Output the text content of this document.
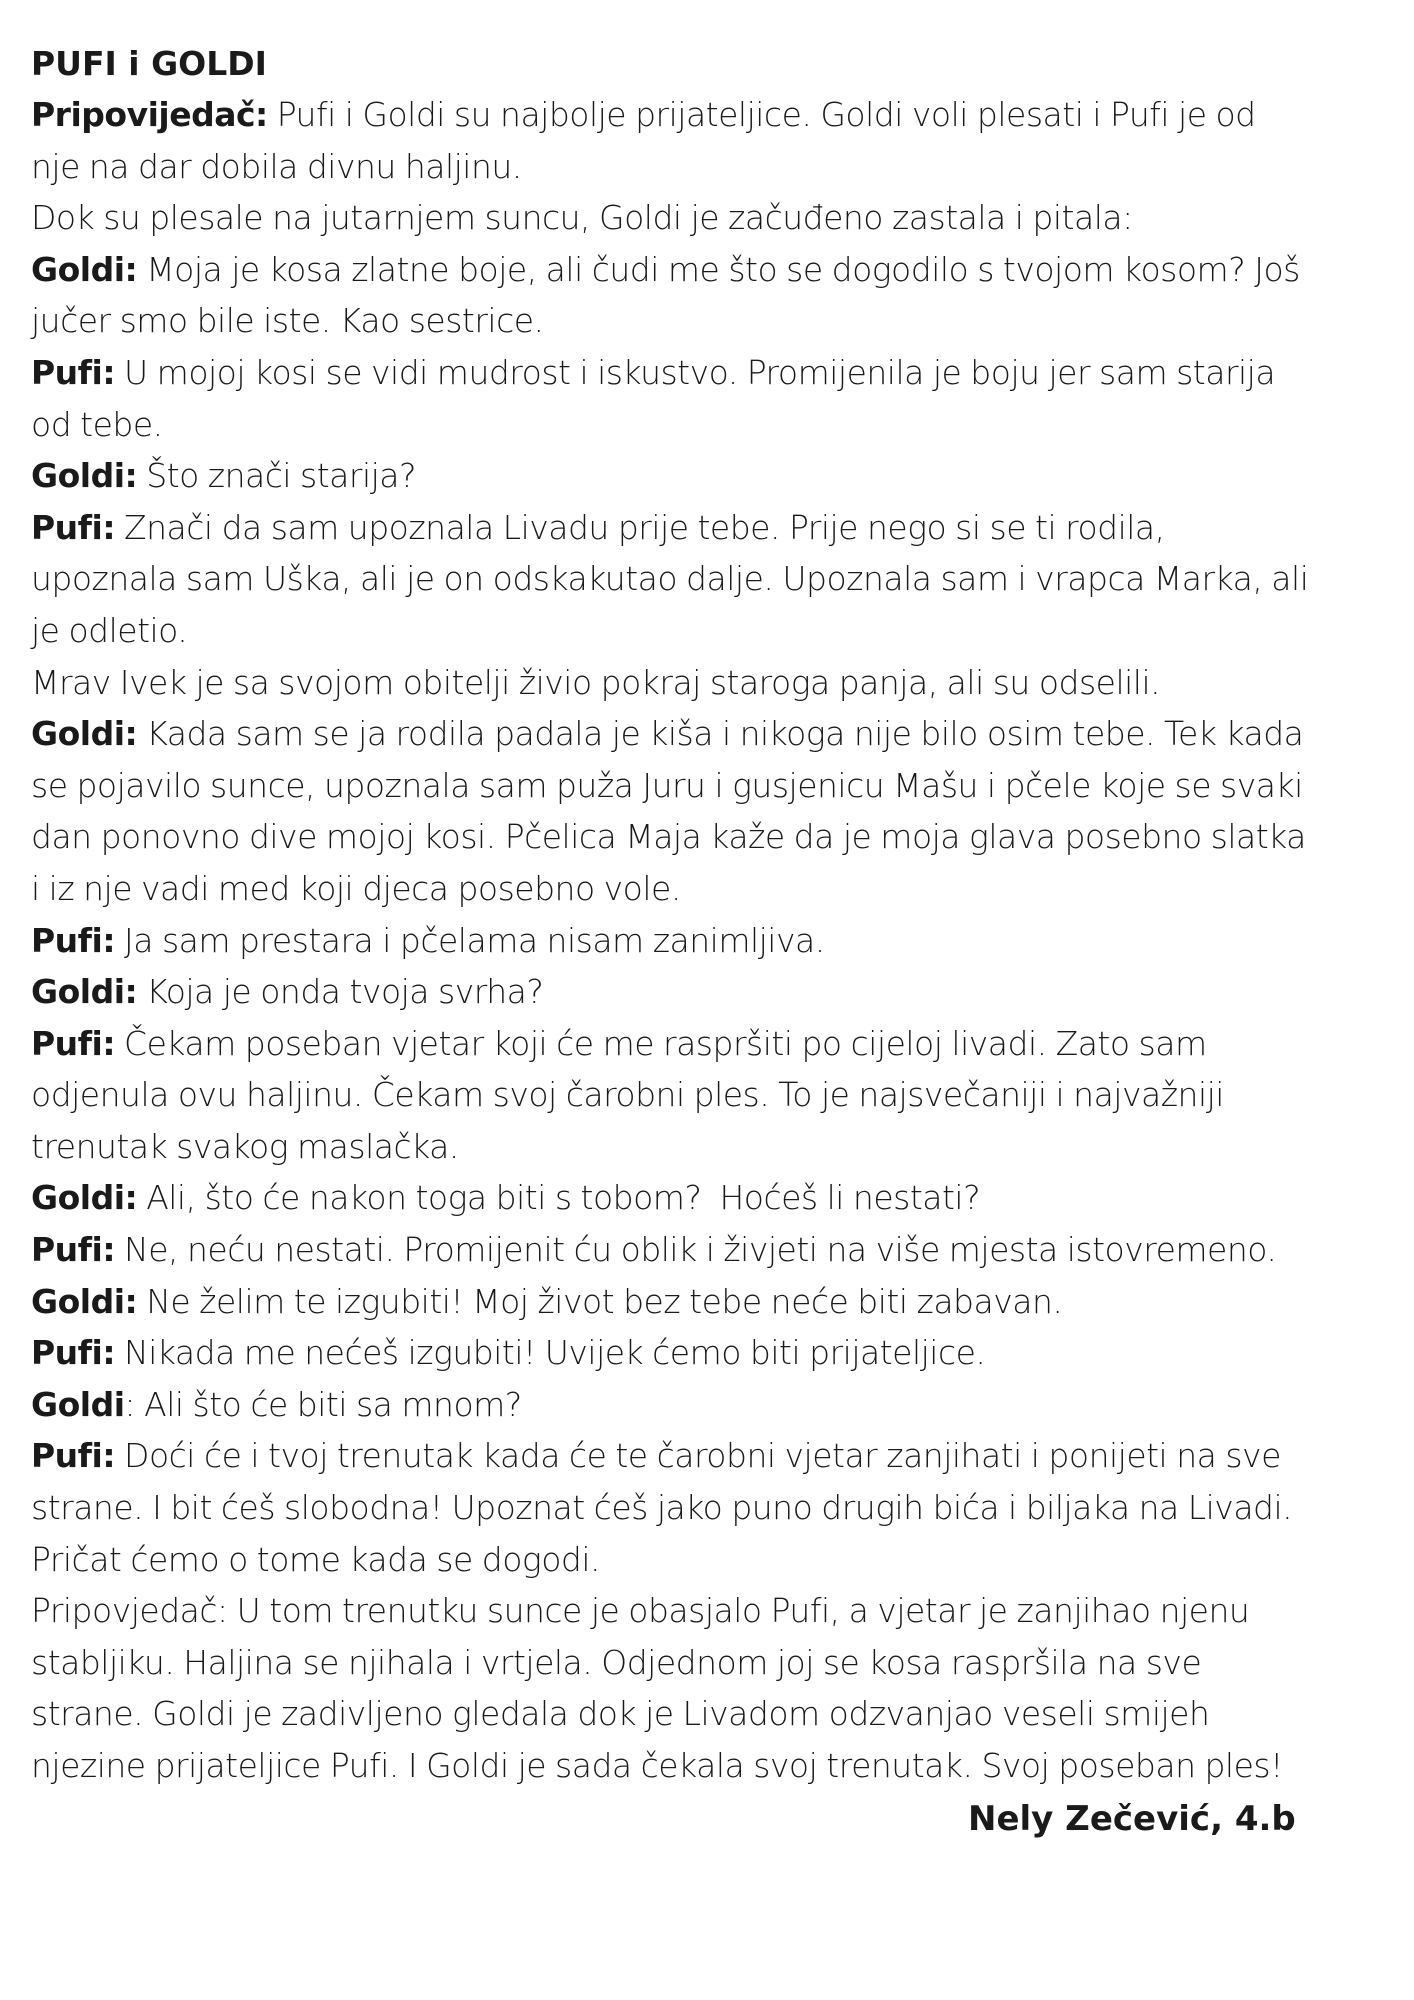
PUFI i GOLDI
Pripovijedač: Pufi i Goldi su najbolje prijateljice. Goldi voli plesati i Pufi je od
nje na dar dobila divnu haljinu.
Dok su plesale na jutarnjem suncu, Goldi je začuđeno zastala i pitala:
Goldi: Moja je kosa zlatne boje, ali čudi me što se dogodilo s tvojom kosom? Još
jučer smo bile iste. Kao sestrice.
Pufi: U mojoj kosi se vidi mudrost i iskustvo. Promijenila je boju jer sam starija
od tebe.
Goldi: Što znači starija?
Pufi: Znači da sam upoznala Livadu prije tebe. Prije nego si se ti rodila,
upoznala sam Uška, ali je on odskakutao dalje. Upoznala sam i vrapca Marka, ali
je odletio.
Mrav Ivek je sa svojom obitelji živio pokraj staroga panja, ali su odselili.
Goldi: Kada sam se ja rodila padala je kiša i nikoga nije bilo osim tebe. Tek kada
se pojavilo sunce, upoznala sam puža Juru i gusjenicu Mašu i pčele koje se svaki
dan ponovno dive mojoj kosi. Pčelica Maja kaže da je moja glava posebno slatka
i iz nje vadi med koji djeca posebno vole.
Pufi: Ja sam prestara i pčelama nisam zanimljiva.
Goldi: Koja je onda tvoja svrha?
Pufi: Čekam poseban vjetar koji će me raspršiti po cijeloj livadi. Zato sam
odjenula ovu haljinu. Čekam svoj čarobni ples. To je najsvečaniji i najvažniji
trenutak svakog maslačka.
Goldi: Ali, što će nakon toga biti s tobom?  Hoćeš li nestati?
Pufi: Ne, neću nestati. Promijenit ću oblik i živjeti na više mjesta istovremeno.
Goldi: Ne želim te izgubiti! Moj život bez tebe neće biti zabavan.
Pufi: Nikada me nećeš izgubiti! Uvijek ćemo biti prijateljice.
Goldi: Ali što će biti sa mnom?
Pufi: Doći će i tvoj trenutak kada će te čarobni vjetar zanjihati i ponijeti na sve
strane. I bit ćeš slobodna! Upoznat ćeš jako puno drugih bića i biljaka na Livadi.
Pričat ćemo o tome kada se dogodi.
Pripovjedač: U tom trenutku sunce je obasjalo Pufi, a vjetar je zanjihao njenu
stabljiku. Haljina se njihala i vrtjela. Odjednom joj se kosa raspršila na sve
strane. Goldi je zadivljeno gledala dok je Livadom odzvanjao veseli smijeh
njezine prijateljice Pufi. I Goldi je sada čekala svoj trenutak. Svoj poseban ples!
Nely Zečević, 4.b
